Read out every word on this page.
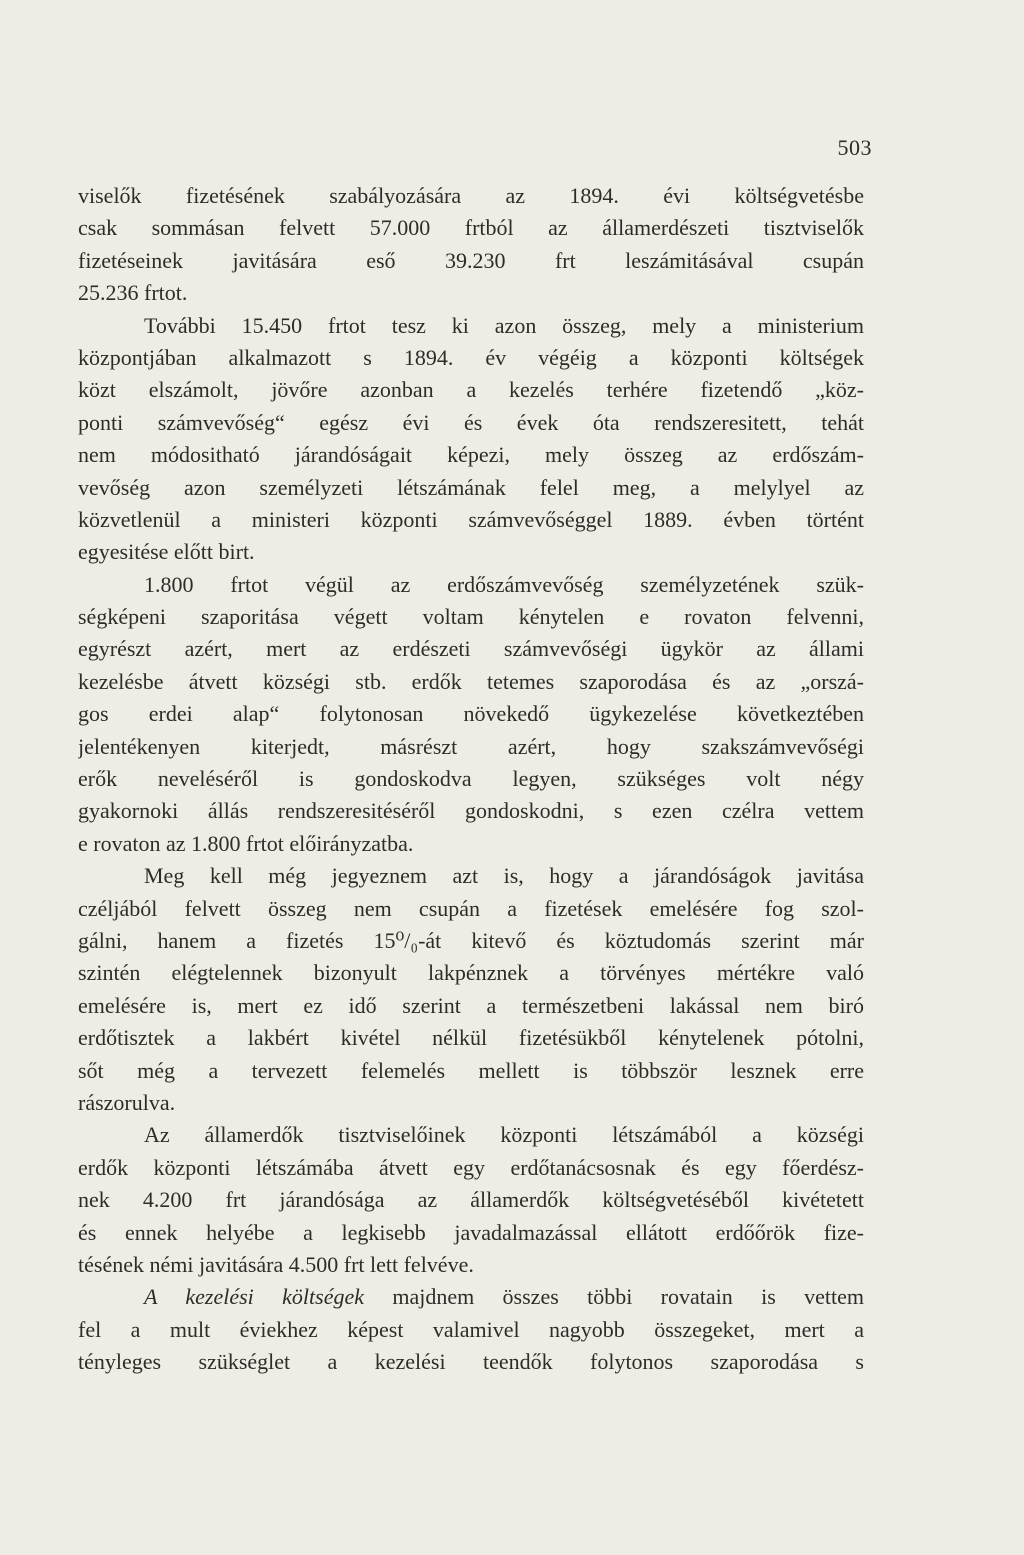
503
viselők fizetésének szabályozására az 1894. évi költségvetésbe
csak sommásan felvett 57.000 frtból az államerdészeti tisztviselők
fizetéseinek javitására eső 39.230 frt leszámitásával csupán
25.236 frtot.
További 15.450 frtot tesz ki azon összeg, mely a ministerium
központjában alkalmazott s 1894. év végéig a központi költségek
közt elszámolt, jövőre azonban a kezelés terhére fizetendő „köz-
ponti számvevőség“ egész évi és évek óta rendszeresitett, tehát
nem módositható járandóságait képezi, mely összeg az erdőszám-
vevőség azon személyzeti létszámának felel meg, a melylyel az
közvetlenül a ministeri központi számvevőséggel 1889. évben történt
egyesitése előtt birt.
1.800 frtot végül az erdőszámvevőség személyzetének szük-
ségképeni szaporitása végett voltam kénytelen e rovaton felvenni,
egyrészt azért, mert az erdészeti számvevőségi ügykör az állami
kezelésbe átvett községi stb. erdők tetemes szaporodása és az „orszá-
gos erdei alap“ folytonosan növekedő ügykezelése következtében
jelentékenyen kiterjedt, másrészt azért, hogy szakszámvevőségi
erők neveléséről is gondoskodva legyen, szükséges volt négy
gyakornoki állás rendszeresitéséről gondoskodni, s ezen czélra vettem
e rovaton az 1.800 frtot előirányzatba.
Meg kell még jegyeznem azt is, hogy a járandóságok javitása
czéljából felvett összeg nem csupán a fizetések emelésére fog szol-
gálni, hanem a fizetés 15⁰/₀-át kitevő és köztudomás szerint már
szintén elégtelennek bizonyult lakpénznek a törvényes mértékre való
emelésére is, mert ez idő szerint a természetbeni lakással nem biró
erdőtisztek a lakbért kivétel nélkül fizetésükből kénytelenek pótolni,
sőt még a tervezett felemelés mellett is többször lesznek erre
rászorulva.
Az államerdők tisztviselőinek központi létszámából a községi
erdők központi létszámába átvett egy erdőtanácsosnak és egy főerdész-
nek 4.200 frt járandósága az államerdők költségvetéséből kivétetett
és ennek helyébe a legkisebb javadalmazással ellátott erdőőrök fize-
tésének némi javitására 4.500 frt lett felvéve.
A kezelési költségek majdnem összes többi rovatain is vettem
fel a mult éviekhez képest valamivel nagyobb összegeket, mert a
tényleges szükséglet a kezelési teendők folytonos szaporodása s
